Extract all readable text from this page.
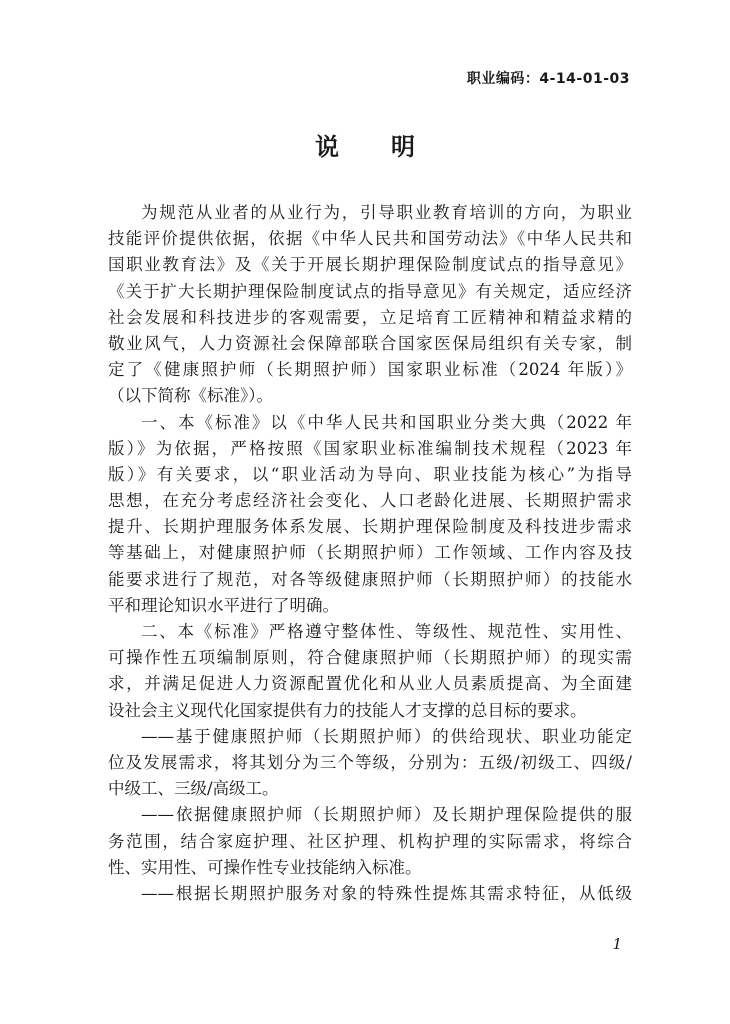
职业编码：4-14-01-03
说 明
为规范从业者的从业行为，引导职业教育培训的方向，为职业
技能评价提供依据，依据《中华人民共和国劳动法》《中华人民共和
国职业教育法》及《关于开展长期护理保险制度试点的指导意见》
《关于扩大长期护理保险制度试点的指导意见》有关规定，适应经济
社会发展和科技进步的客观需要，立足培育工匠精神和精益求精的
敬业风气，人力资源社会保障部联合国家医保局组织有关专家，制
定了《健康照护师（长期照护师）国家职业标准（2024 年版）》
（以下简称《标准》）。
一、本《标准》以《中华人民共和国职业分类大典（2022 年
版）》为依据，严格按照《国家职业标准编制技术规程（2023 年
版）》有关要求，以“职业活动为导向、职业技能为核心”为指导
思想，在充分考虑经济社会变化、人口老龄化进展、长期照护需求
提升、长期护理服务体系发展、长期护理保险制度及科技进步需求
等基础上，对健康照护师（长期照护师）工作领域、工作内容及技
能要求进行了规范，对各等级健康照护师（长期照护师）的技能水
平和理论知识水平进行了明确。
二、本《标准》严格遵守整体性、等级性、规范性、实用性、
可操作性五项编制原则，符合健康照护师（长期照护师）的现实需
求，并满足促进人力资源配置优化和从业人员素质提高、为全面建
设社会主义现代化国家提供有力的技能人才支撑的总目标的要求。
——基于健康照护师（长期照护师）的供给现状、职业功能定
位及发展需求，将其划分为三个等级，分别为：五级/初级工、四级/
中级工、三级/高级工。
——依据健康照护师（长期照护师）及长期护理保险提供的服
务范围，结合家庭护理、社区护理、机构护理的实际需求，将综合
性、实用性、可操作性专业技能纳入标准。
——根据长期照护服务对象的特殊性提炼其需求特征，从低级
1
